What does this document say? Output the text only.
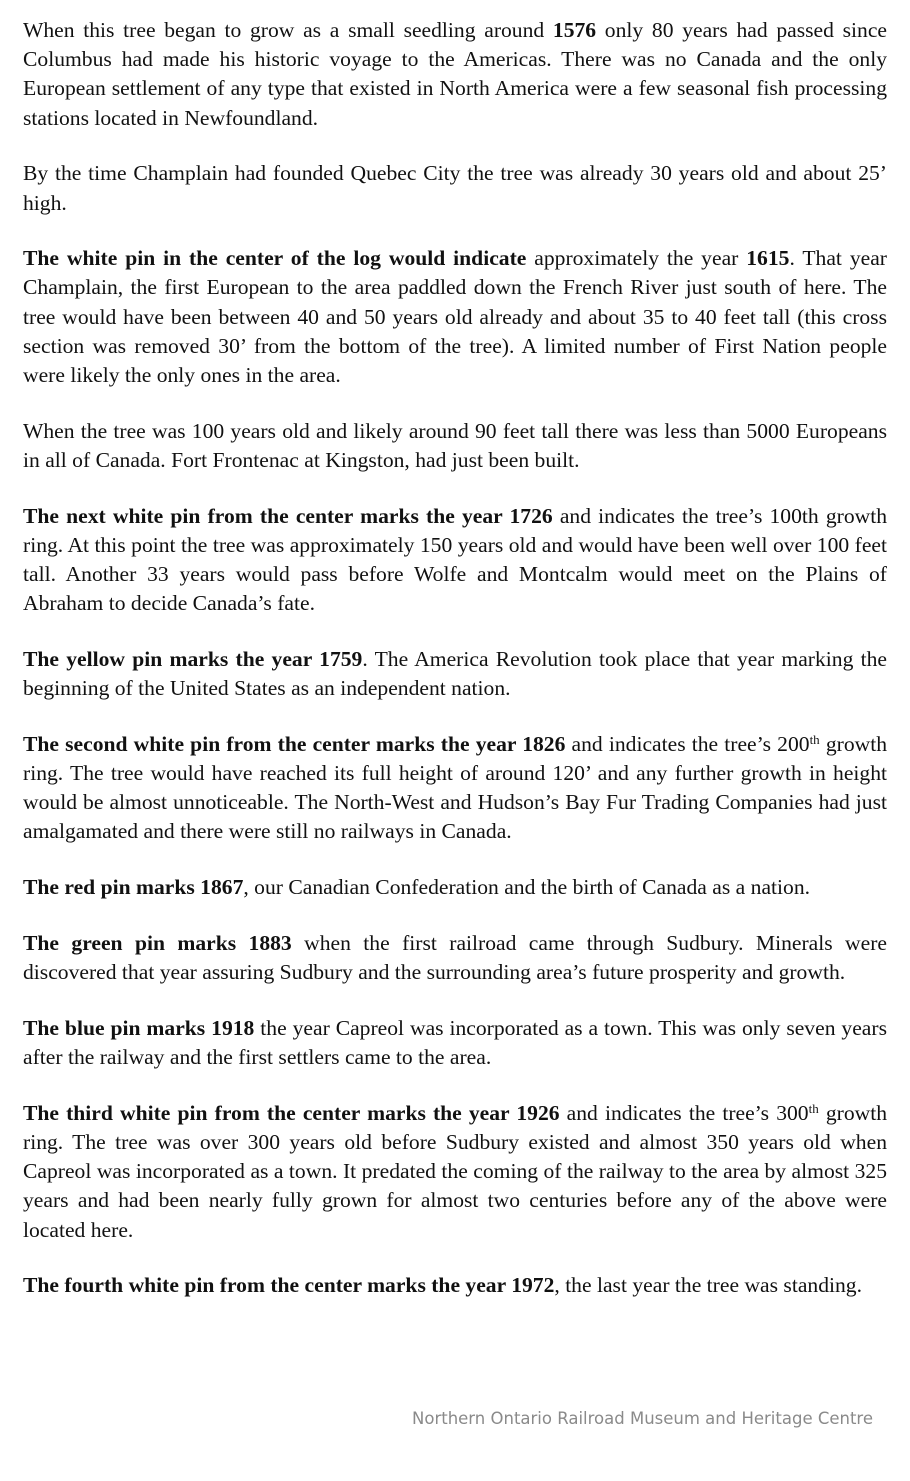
When this tree began to grow as a small seedling around 1576 only 80 years had passed since Columbus had made his historic voyage to the Americas. There was no Canada and the only European settlement of any type that existed in North America were a few seasonal fish processing stations located in Newfoundland.

By the time Champlain had founded Quebec City the tree was already 30 years old and about 25’ high.

The white pin in the center of the log would indicate approximately the year 1615. That year Champlain, the first European to the area paddled down the French River just south of here. The tree would have been between 40 and 50 years old already and about 35 to 40 feet tall (this cross section was removed 30’ from the bottom of the tree). A limited number of First Nation people were likely the only ones in the area.

When the tree was 100 years old and likely around 90 feet tall there was less than 5000 Europeans in all of Canada. Fort Frontenac at Kingston, had just been built.

The next white pin from the center marks the year 1726 and indicates the tree’s 100th growth ring. At this point the tree was approximately 150 years old and would have been well over 100 feet tall. Another 33 years would pass before Wolfe and Montcalm would meet on the Plains of Abraham to decide Canada’s fate.

The yellow pin marks the year 1759. The America Revolution took place that year marking the beginning of the United States as an independent nation.

The second white pin from the center marks the year 1826 and indicates the tree’s 200th growth ring. The tree would have reached its full height of around 120’ and any further growth in height would be almost unnoticeable. The North-West and Hudson’s Bay Fur Trading Companies had just amalgamated and there were still no railways in Canada.

The red pin marks 1867, our Canadian Confederation and the birth of Canada as a nation.

The green pin marks 1883 when the first railroad came through Sudbury. Minerals were discovered that year assuring Sudbury and the surrounding area’s future prosperity and growth.

The blue pin marks 1918 the year Capreol was incorporated as a town. This was only seven years after the railway and the first settlers came to the area.

The third white pin from the center marks the year 1926 and indicates the tree’s 300th growth ring. The tree was over 300 years old before Sudbury existed and almost 350 years old when Capreol was incorporated as a town. It predated the coming of the railway to the area by almost 325 years and had been nearly fully grown for almost two centuries before any of the above were located here.

The fourth white pin from the center marks the year 1972, the last year the tree was standing.

Northern Ontario Railroad Museum and Heritage Centre
